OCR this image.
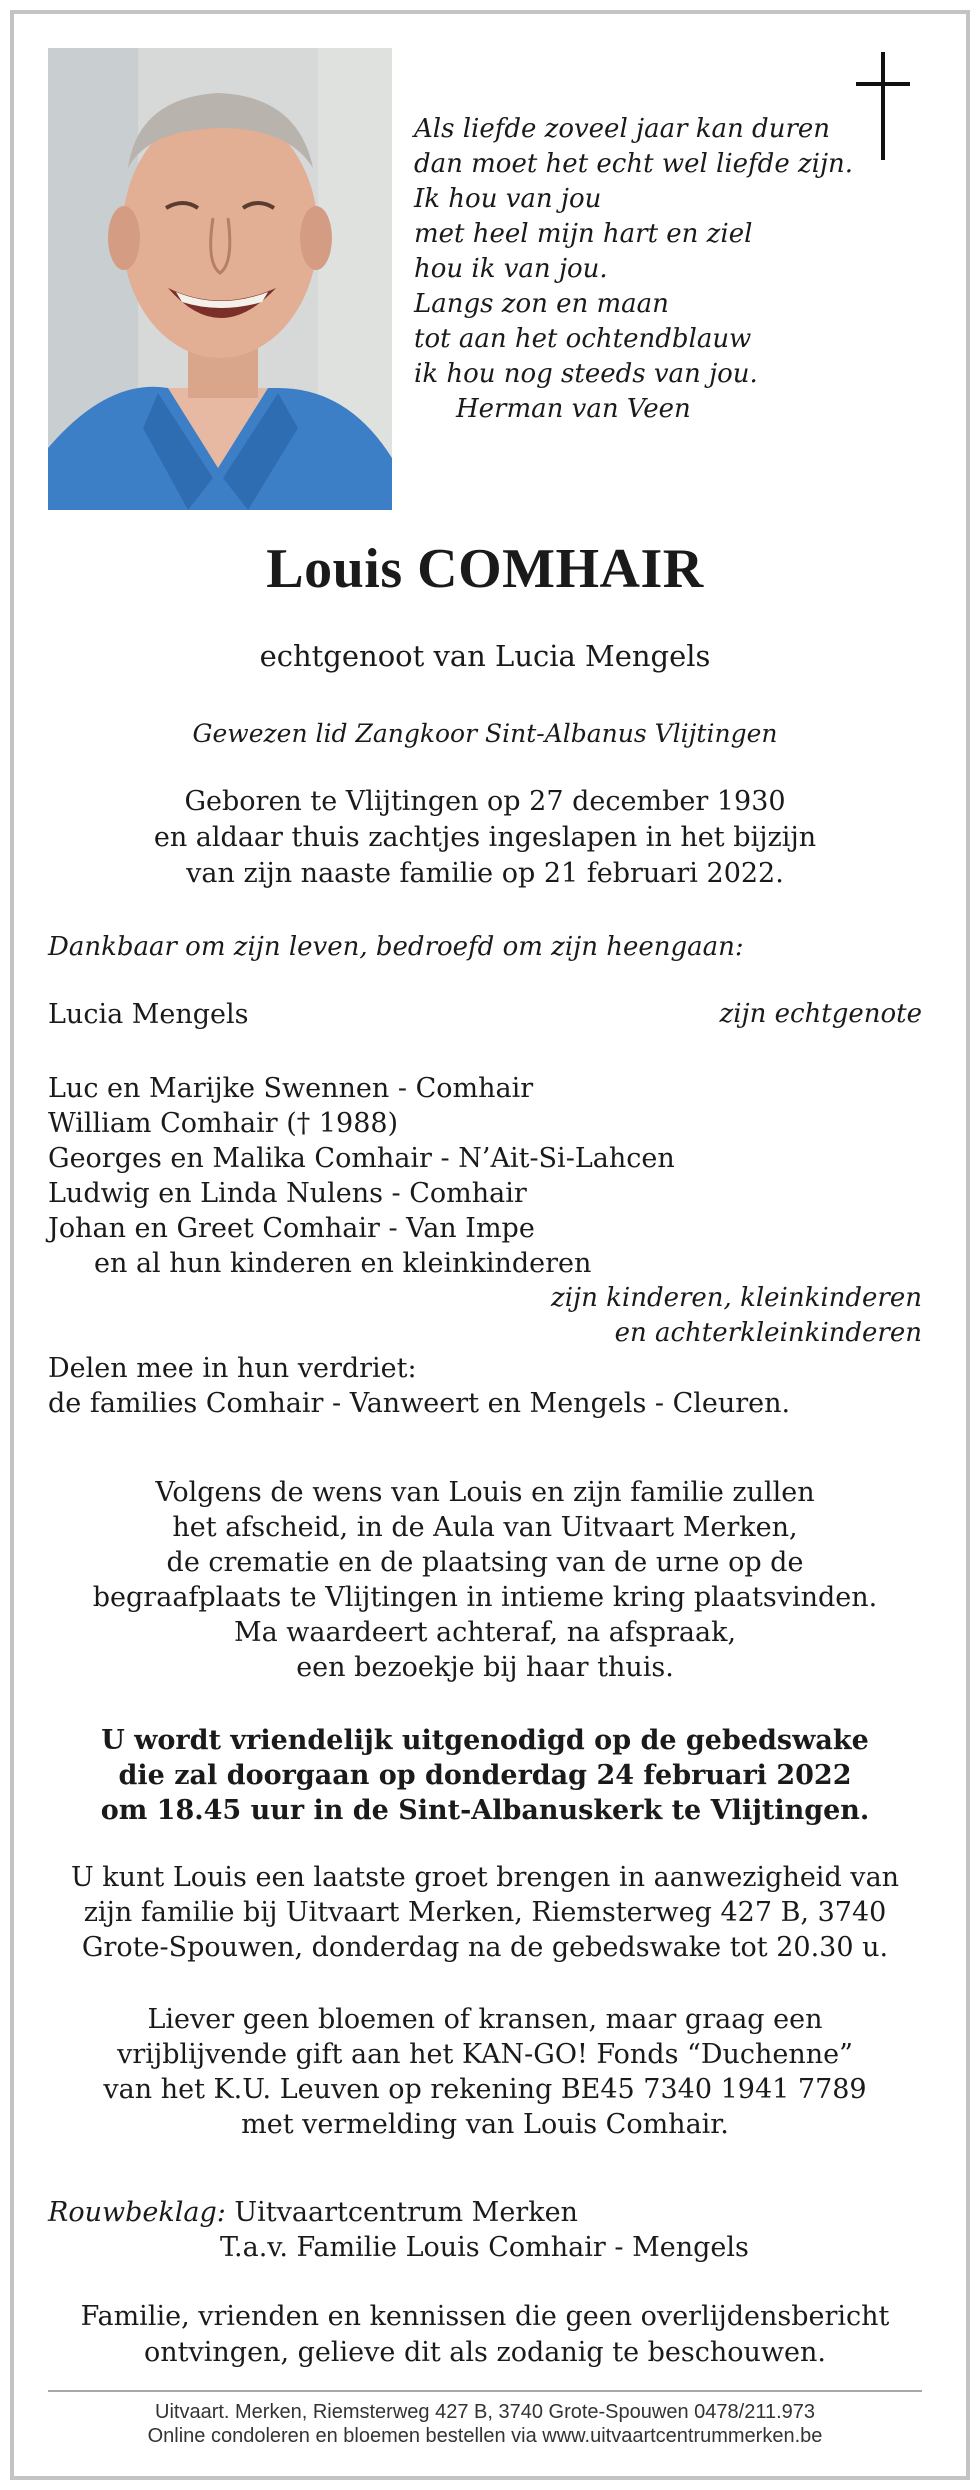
Als liefde zoveel jaar kan duren
dan moet het echt wel liefde zijn.
Ik hou van jou
met heel mijn hart en ziel
hou ik van jou.
Langs zon en maan
tot aan het ochtendblauw
ik hou nog steeds van jou.
Herman van Veen
Louis COMHAIR
echtgenoot van Lucia Mengels
Gewezen lid Zangkoor Sint-Albanus Vlijtingen
Geboren te Vlijtingen op 27 december 1930
en aldaar thuis zachtjes ingeslapen in het bijzijn
van zijn naaste familie op 21 februari 2022.
Dankbaar om zijn leven, bedroefd om zijn heengaan:
Lucia Mengels	zijn echtgenote
Luc en Marijke Swennen - Comhair
William Comhair († 1988)
Georges en Malika Comhair - N’Ait-Si-Lahcen
Ludwig en Linda Nulens - Comhair
Johan en Greet Comhair - Van Impe
en al hun kinderen en kleinkinderen
zijn kinderen, kleinkinderen
en achterkleinkinderen
Delen mee in hun verdriet:
de families Comhair - Vanweert en Mengels - Cleuren.
Volgens de wens van Louis en zijn familie zullen
het afscheid, in de Aula van Uitvaart Merken,
de crematie en de plaatsing van de urne op de
begraafplaats te Vlijtingen in intieme kring plaatsvinden.
Ma waardeert achteraf, na afspraak,
een bezoekje bij haar thuis.
U wordt vriendelijk uitgenodigd op de gebedswake
die zal doorgaan op donderdag 24 februari 2022
om 18.45 uur in de Sint-Albanuskerk te Vlijtingen.
U kunt Louis een laatste groet brengen in aanwezigheid van
zijn familie bij Uitvaart Merken, Riemsterweg 427 B, 3740
Grote-Spouwen, donderdag na de gebedswake tot 20.30 u.
Liever geen bloemen of kransen, maar graag een
vrijblijvende gift aan het KAN-GO! Fonds “Duchenne”
van het K.U. Leuven op rekening BE45 7340 1941 7789
met vermelding van Louis Comhair.
Rouwbeklag: Uitvaartcentrum Merken
T.a.v. Familie Louis Comhair - Mengels
Familie, vrienden en kennissen die geen overlijdensbericht
ontvingen, gelieve dit als zodanig te beschouwen.
Uitvaart. Merken, Riemsterweg 427 B, 3740 Grote-Spouwen 0478/211.973
Online condoleren en bloemen bestellen via www.uitvaartcentrummerken.be
